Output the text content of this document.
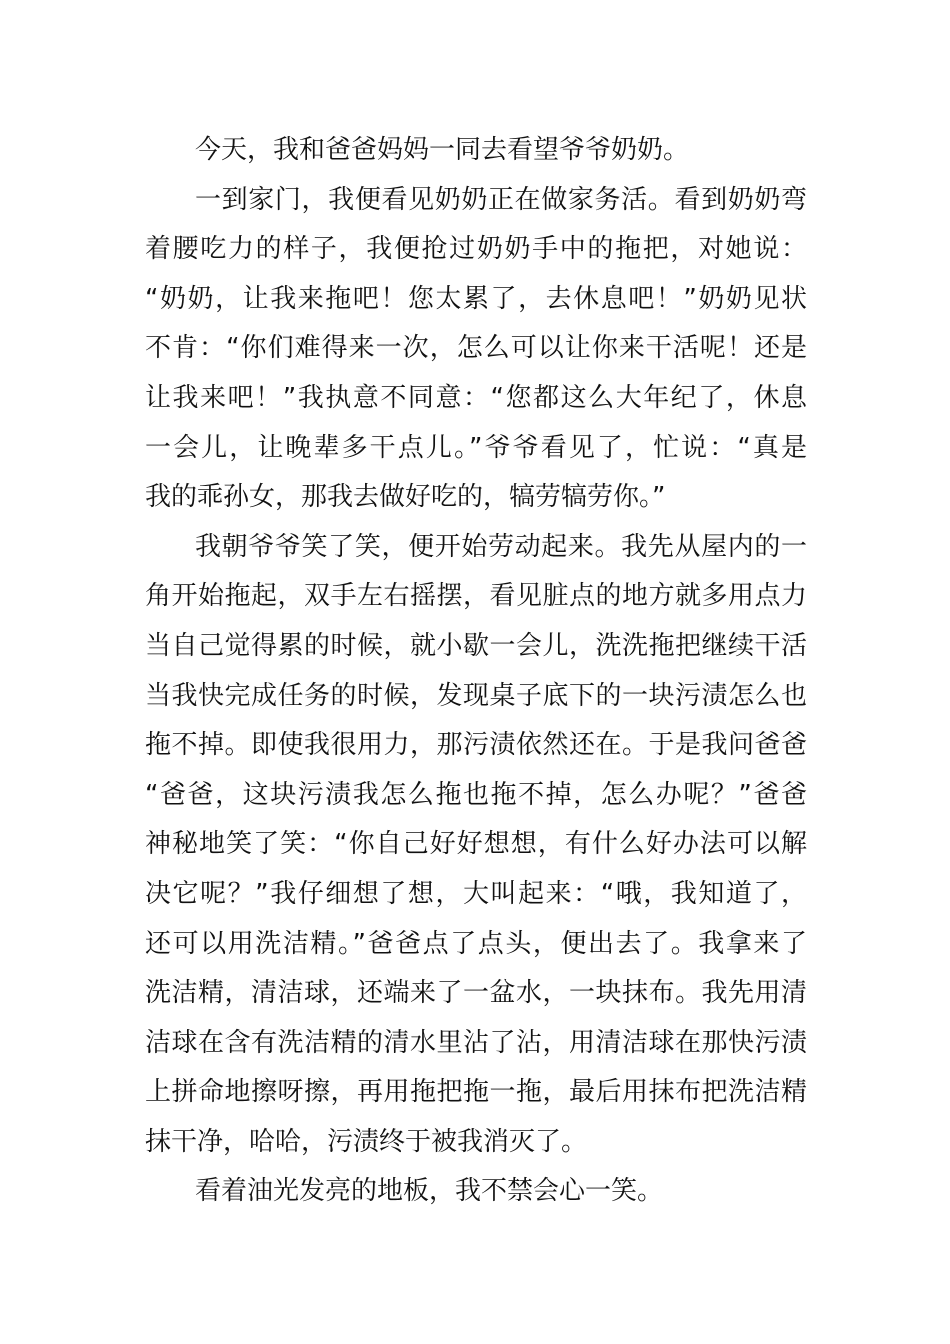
今天，我和爸爸妈妈一同去看望爷爷奶奶。
一到家门，我便看见奶奶正在做家务活。看到奶奶弯
着腰吃力的样子，我便抢过奶奶手中的拖把，对她说：
“奶奶，让我来拖吧！您太累了，去休息吧！”奶奶见状
不肯：“你们难得来一次，怎么可以让你来干活呢！还是
让我来吧！”我执意不同意：“您都这么大年纪了，休息
一会儿，让晚辈多干点儿。”爷爷看见了，忙说：“真是
我的乖孙女，那我去做好吃的，犒劳犒劳你。”
我朝爷爷笑了笑，便开始劳动起来。我先从屋内的一
角开始拖起，双手左右摇摆，看见脏点的地方就多用点力
当自己觉得累的时候，就小歇一会儿，洗洗拖把继续干活
当我快完成任务的时候，发现桌子底下的一块污渍怎么也
拖不掉。即使我很用力，那污渍依然还在。于是我问爸爸
“爸爸，这块污渍我怎么拖也拖不掉，怎么办呢？”爸爸
神秘地笑了笑：“你自己好好想想，有什么好办法可以解
决它呢？”我仔细想了想，大叫起来：“哦，我知道了，
还可以用洗洁精。”爸爸点了点头，便出去了。我拿来了
洗洁精，清洁球，还端来了一盆水，一块抹布。我先用清
洁球在含有洗洁精的清水里沾了沾，用清洁球在那快污渍
上拼命地擦呀擦，再用拖把拖一拖，最后用抹布把洗洁精
抹干净，哈哈，污渍终于被我消灭了。
看着油光发亮的地板，我不禁会心一笑。
